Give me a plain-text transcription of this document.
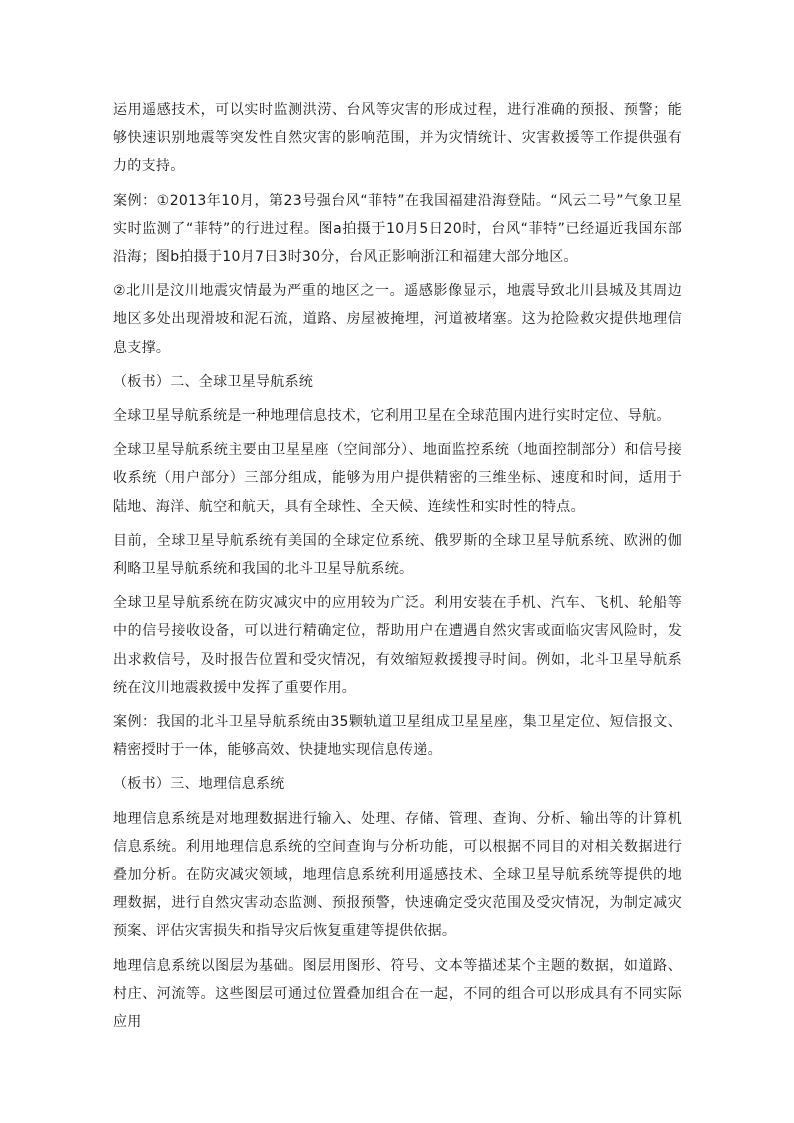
运用遥感技术，可以实时监测洪涝、台风等灾害的形成过程，进行准确的预报、预警；能够快速识别地震等突发性自然灾害的影响范围，并为灾情统计、灾害救援等工作提供强有力的支持。

案例：①2013年10月，第23号强台风“菲特”在我国福建沿海登陆。“风云二号”气象卫星实时监测了“菲特”的行进过程。图a拍摄于10月5日20时，台风“菲特”已经逼近我国东部沿海；图b拍摄于10月7日3时30分，台风正影响浙江和福建大部分地区。

②北川是汶川地震灾情最为严重的地区之一。遥感影像显示，地震导致北川县城及其周边地区多处出现滑坡和泥石流，道路、房屋被掩埋，河道被堵塞。这为抢险救灾提供地理信息支撑。

（板书）二、全球卫星导航系统

全球卫星导航系统是一种地理信息技术，它利用卫星在全球范围内进行实时定位、导航。

全球卫星导航系统主要由卫星星座（空间部分）、地面监控系统（地面控制部分）和信号接收系统（用户部分）三部分组成，能够为用户提供精密的三维坐标、速度和时间，适用于陆地、海洋、航空和航天，具有全球性、全天候、连续性和实时性的特点。

目前，全球卫星导航系统有美国的全球定位系统、俄罗斯的全球卫星导航系统、欧洲的伽利略卫星导航系统和我国的北斗卫星导航系统。

全球卫星导航系统在防灾减灾中的应用较为广泛。利用安装在手机、汽车、飞机、轮船等中的信号接收设备，可以进行精确定位，帮助用户在遭遇自然灾害或面临灾害风险时，发出求救信号，及时报告位置和受灾情况，有效缩短救援搜寻时间。例如，北斗卫星导航系统在汶川地震救援中发挥了重要作用。

案例：我国的北斗卫星导航系统由35颗轨道卫星组成卫星星座，集卫星定位、短信报文、精密授时于一体，能够高效、快捷地实现信息传递。

（板书）三、地理信息系统

地理信息系统是对地理数据进行输入、处理、存储、管理、查询、分析、输出等的计算机信息系统。利用地理信息系统的空间查询与分析功能，可以根据不同目的对相关数据进行叠加分析。在防灾减灾领域，地理信息系统利用遥感技术、全球卫星导航系统等提供的地理数据，进行自然灾害动态监测、预报预警，快速确定受灾范围及受灾情况，为制定减灾预案、评估灾害损失和指导灾后恢复重建等提供依据。

地理信息系统以图层为基础。图层用图形、符号、文本等描述某个主题的数据，如道路、村庄、河流等。这些图层可通过位置叠加组合在一起，不同的组合可以形成具有不同实际应用
